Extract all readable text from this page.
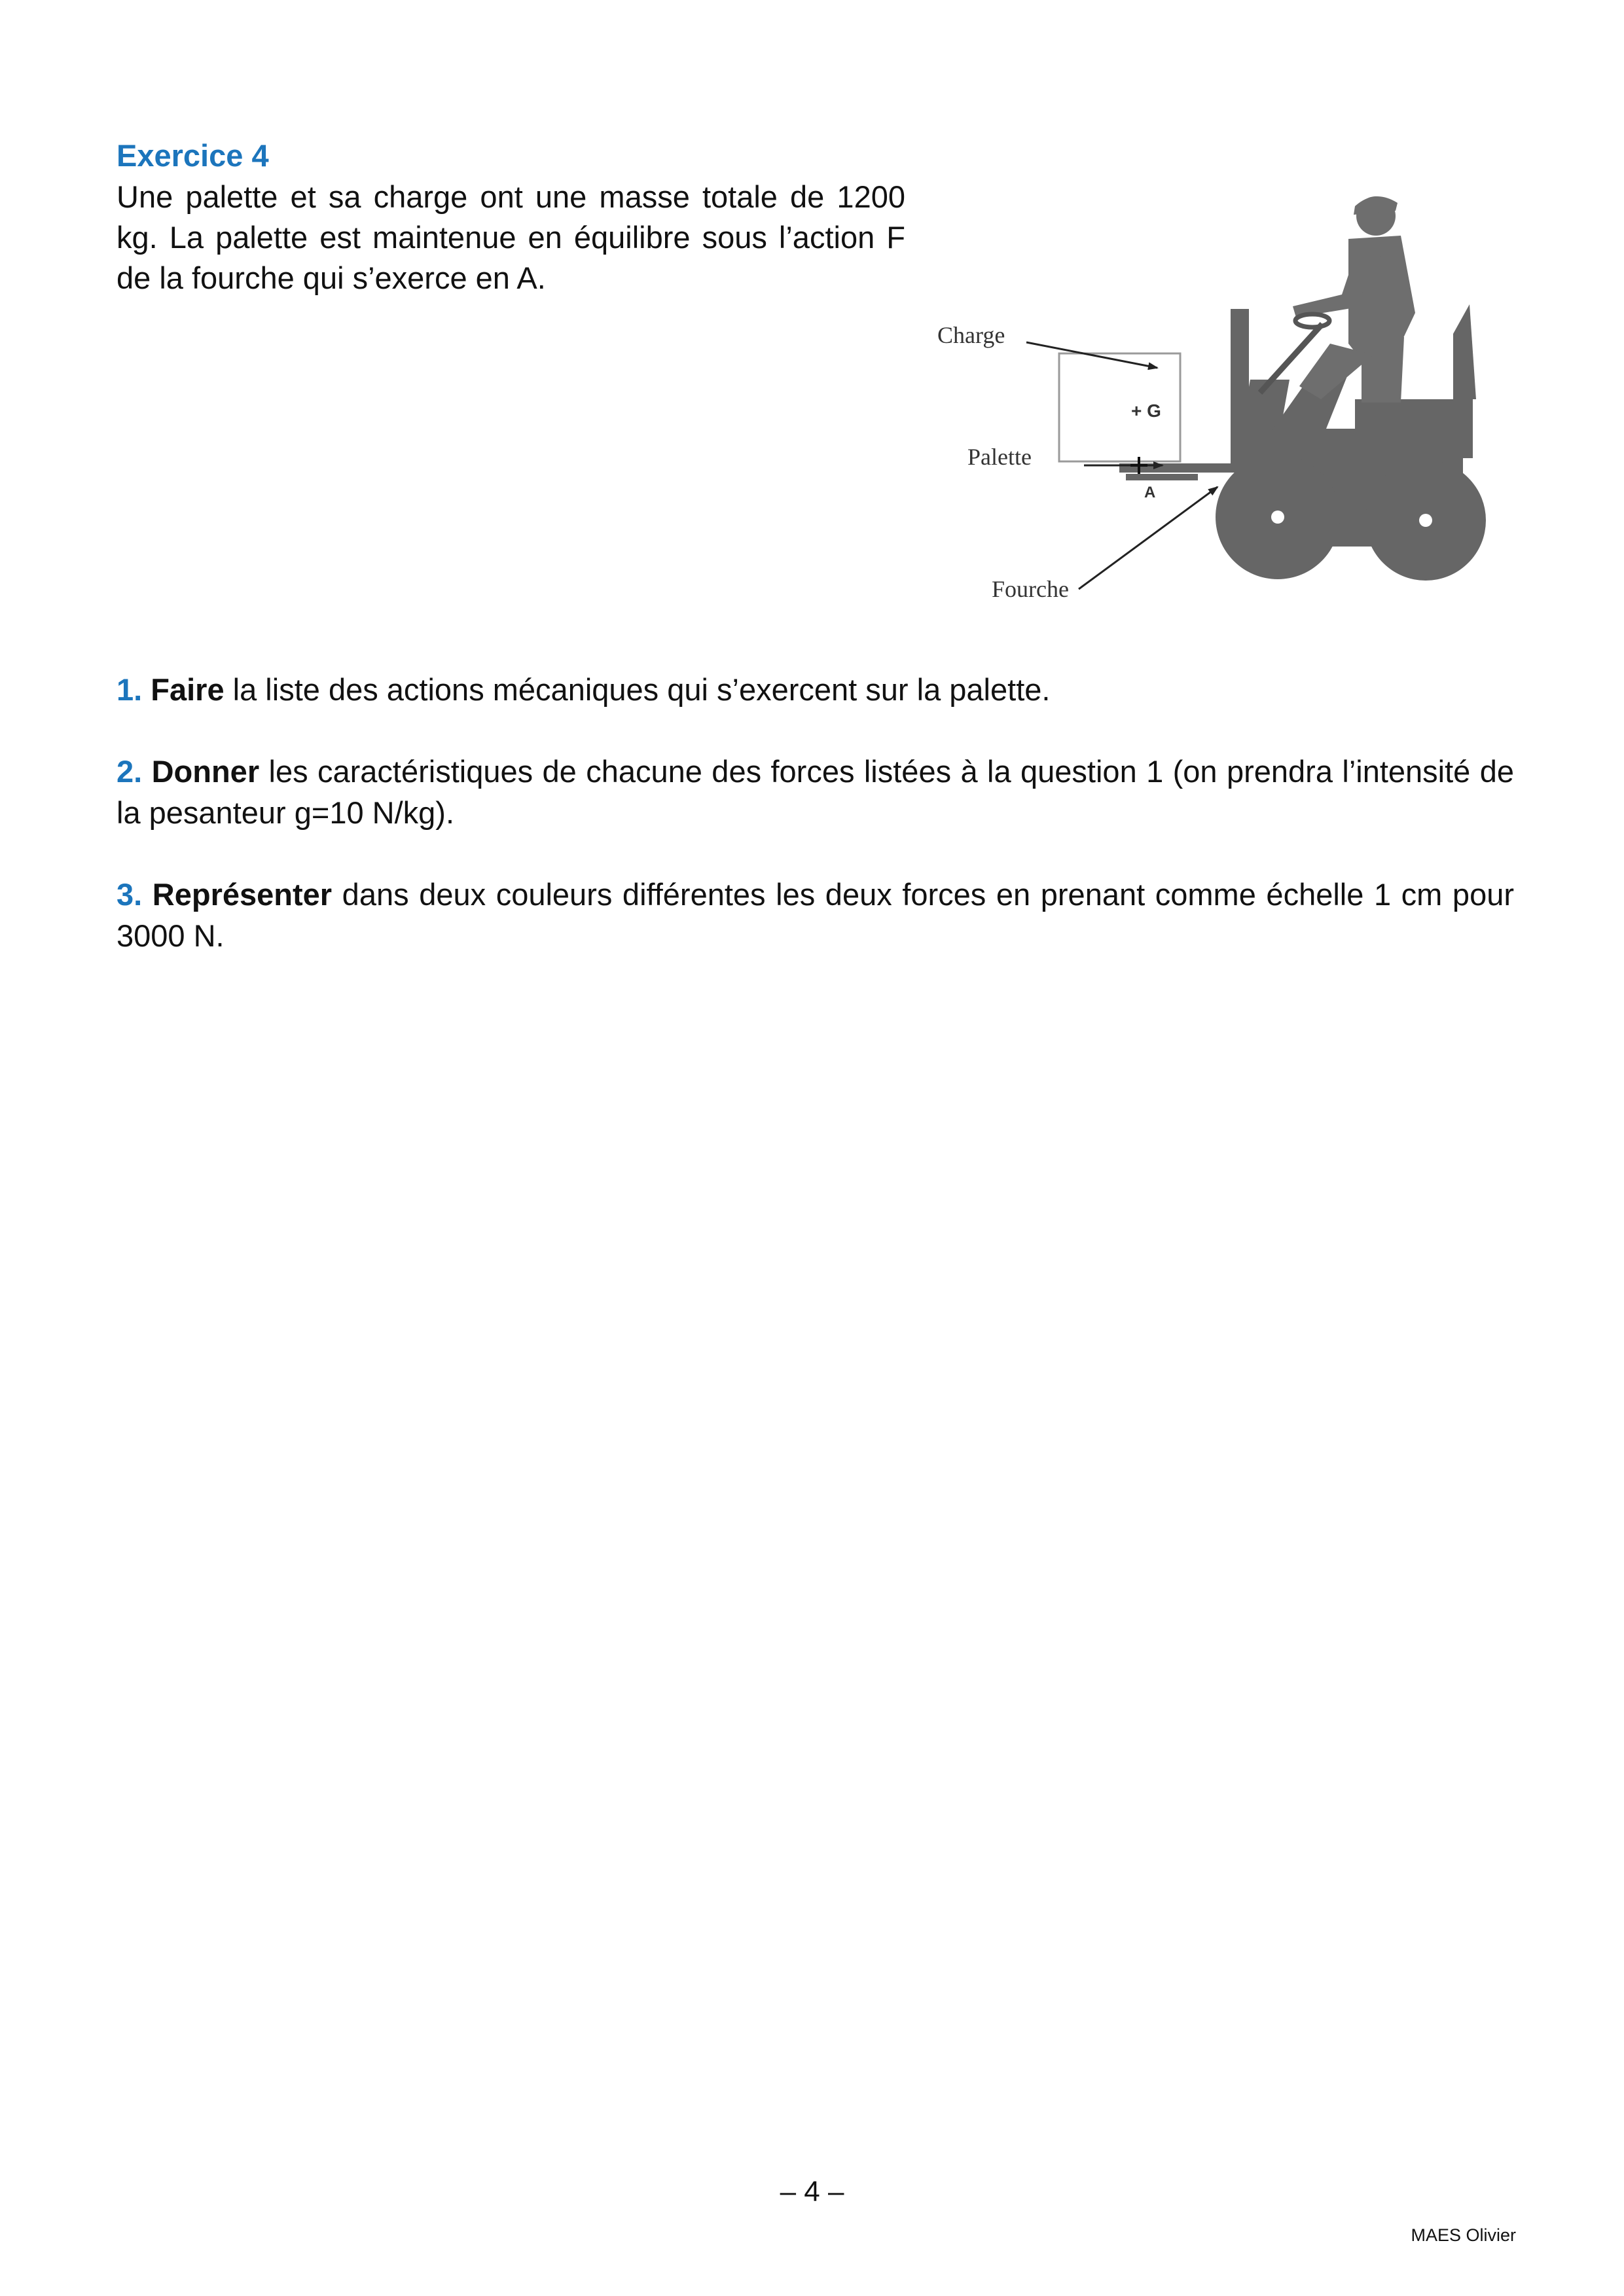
Exercice 4

Une palette et sa charge ont une masse totale de 1200 kg. La palette est maintenue en équilibre sous l’action F de la fourche qui s’exerce en A.

Charge
Palette
Fourche
+ G
A

1. Faire la liste des actions mécaniques qui s’exercent sur la palette.

2. Donner les caractéristiques de chacune des forces listées à la question 1 (on prendra l’intensité de la pesanteur g=10 N/kg).

3. Représenter dans deux couleurs différentes les deux forces en prenant comme échelle 1 cm pour 3000 N.

– 4 –
MAES Olivier
